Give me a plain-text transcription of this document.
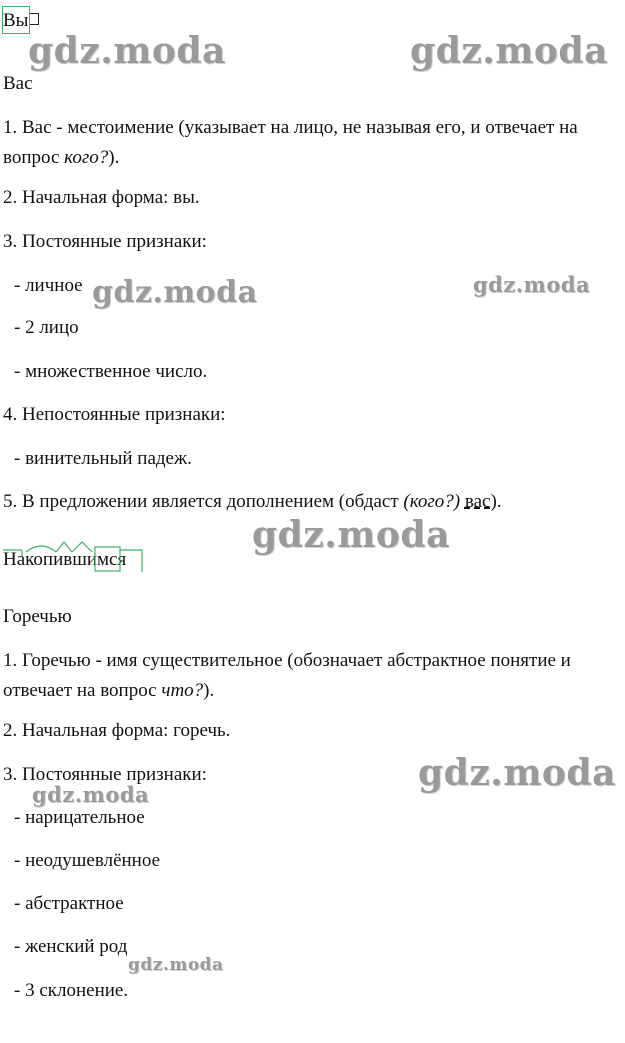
Вы
Вас
1. Вас - местоимение (указывает на лицо, не называя его, и отвечает на вопрос кого?).
2. Начальная форма: вы.
3. Постоянные признаки:
- личное
- 2 лицо
- множественное число.
4. Непостоянные признаки:
- винительный падеж.
5. В предложении является дополнением (обдаст (кого?) вас).
Накопившимся
Горечью
1. Горечью - имя существительное (обозначает абстрактное понятие и отвечает на вопрос что?).
2. Начальная форма: горечь.
3. Постоянные признаки:
- нарицательное
- неодушевлённое
- абстрактное
- женский род
- 3 склонение.
gdz.moda	gdz.moda
gdz.moda	gdz.moda
gdz.moda
gdz.moda
gdz.moda
gdz.moda
